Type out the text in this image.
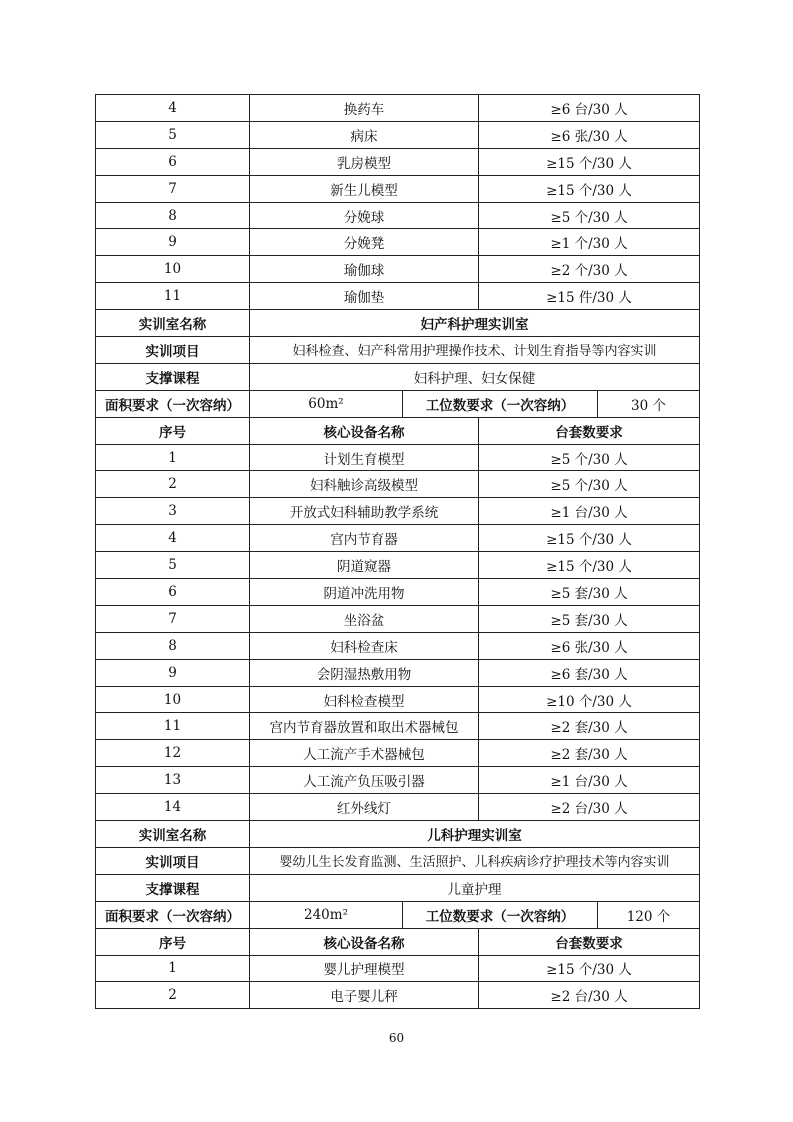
4	换药车		≥6 台/30 人	
5	病床		≥6 张/30 人	
6	乳房模型		≥15 个/30 人	
7	新生儿模型		≥15 个/30 人	
8	分娩球		≥5 个/30 人	
9	分娩凳		≥1 个/30 人	
10	瑜伽球		≥2 个/30 人	
11	瑜伽垫		≥15 件/30 人	
实训室名称	妇产科护理实训室			
实训项目	妇科检查、妇产科常用护理操作技术、计划生育指导等内容实训			
支撑课程	妇科护理、妇女保健			
面积要求（一次容纳）	60m²	工位数要求（一次容纳）		30 个
序号	核心设备名称		台套数要求	
1	计划生育模型		≥5 个/30 人	
2	妇科触诊高级模型		≥5 个/30 人	
3	开放式妇科辅助教学系统		≥1 台/30 人	
4	宫内节育器		≥15 个/30 人	
5	阴道窥器		≥15 个/30 人	
6	阴道冲洗用物		≥5 套/30 人	
7	坐浴盆		≥5 套/30 人	
8	妇科检查床		≥6 张/30 人	
9	会阴湿热敷用物		≥6 套/30 人	
10	妇科检查模型		≥10 个/30 人	
11	宫内节育器放置和取出术器械包		≥2 套/30 人	
12	人工流产手术器械包		≥2 套/30 人	
13	人工流产负压吸引器		≥1 台/30 人	
14	红外线灯		≥2 台/30 人	
实训室名称	儿科护理实训室			
实训项目	婴幼儿生长发育监测、生活照护、儿科疾病诊疗护理技术等内容实训			
支撑课程	儿童护理			
面积要求（一次容纳）	240m²	工位数要求（一次容纳）		120 个
序号	核心设备名称		台套数要求	
1	婴儿护理模型		≥15 个/30 人	
2	电子婴儿秤		≥2 台/30 人	
60
